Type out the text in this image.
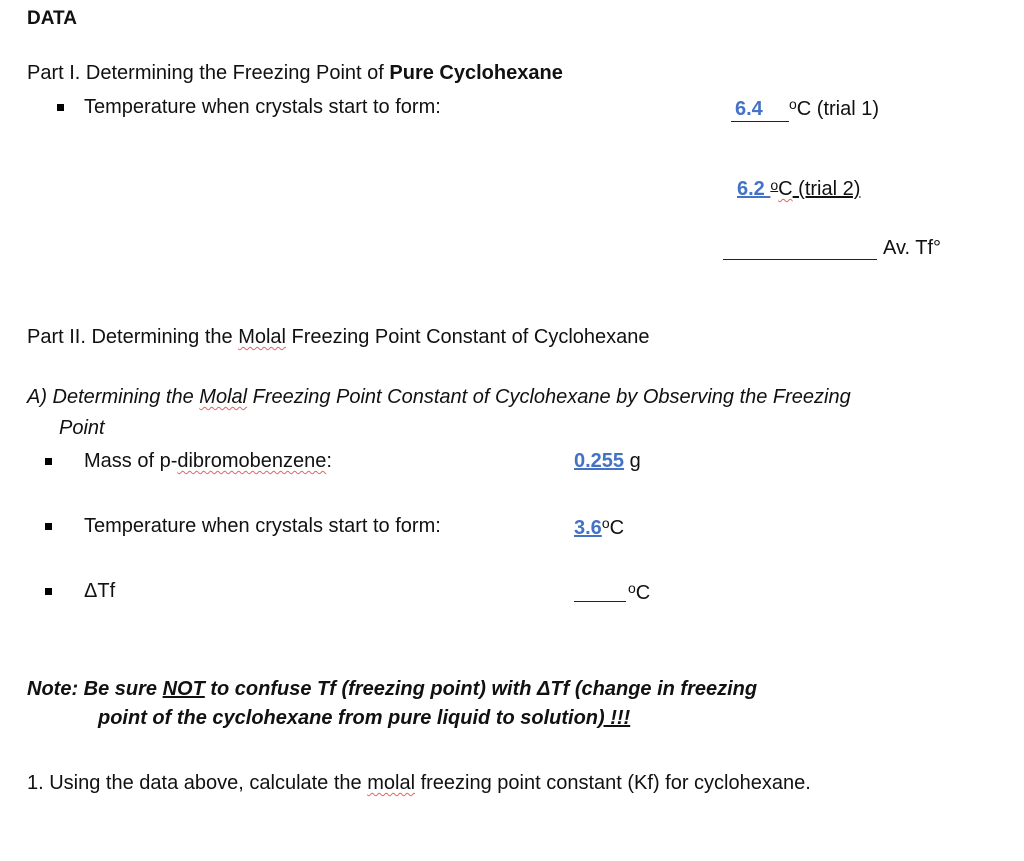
DATA
Part I. Determining the Freezing Point of Pure Cyclohexane
Temperature when crystals start to form:	6.4 $^o$C (trial 1)
6.2 $^o$C (trial 2)
Av. Tf°
Part II. Determining the Molal Freezing Point Constant of Cyclohexane
A) Determining the Molal Freezing Point Constant of Cyclohexane by Observing the Freezing
Point
Mass of p-dibromobenzene:	0.255 g
Temperature when crystals start to form:	3.6$^o$C
ΔTf	$^o$C
Note: Be sure NOT to confuse Tf (freezing point) with ΔTf (change in freezing
point of the cyclohexane from pure liquid to solution) !!!
1. Using the data above, calculate the molal freezing point constant (Kf) for cyclohexane.
